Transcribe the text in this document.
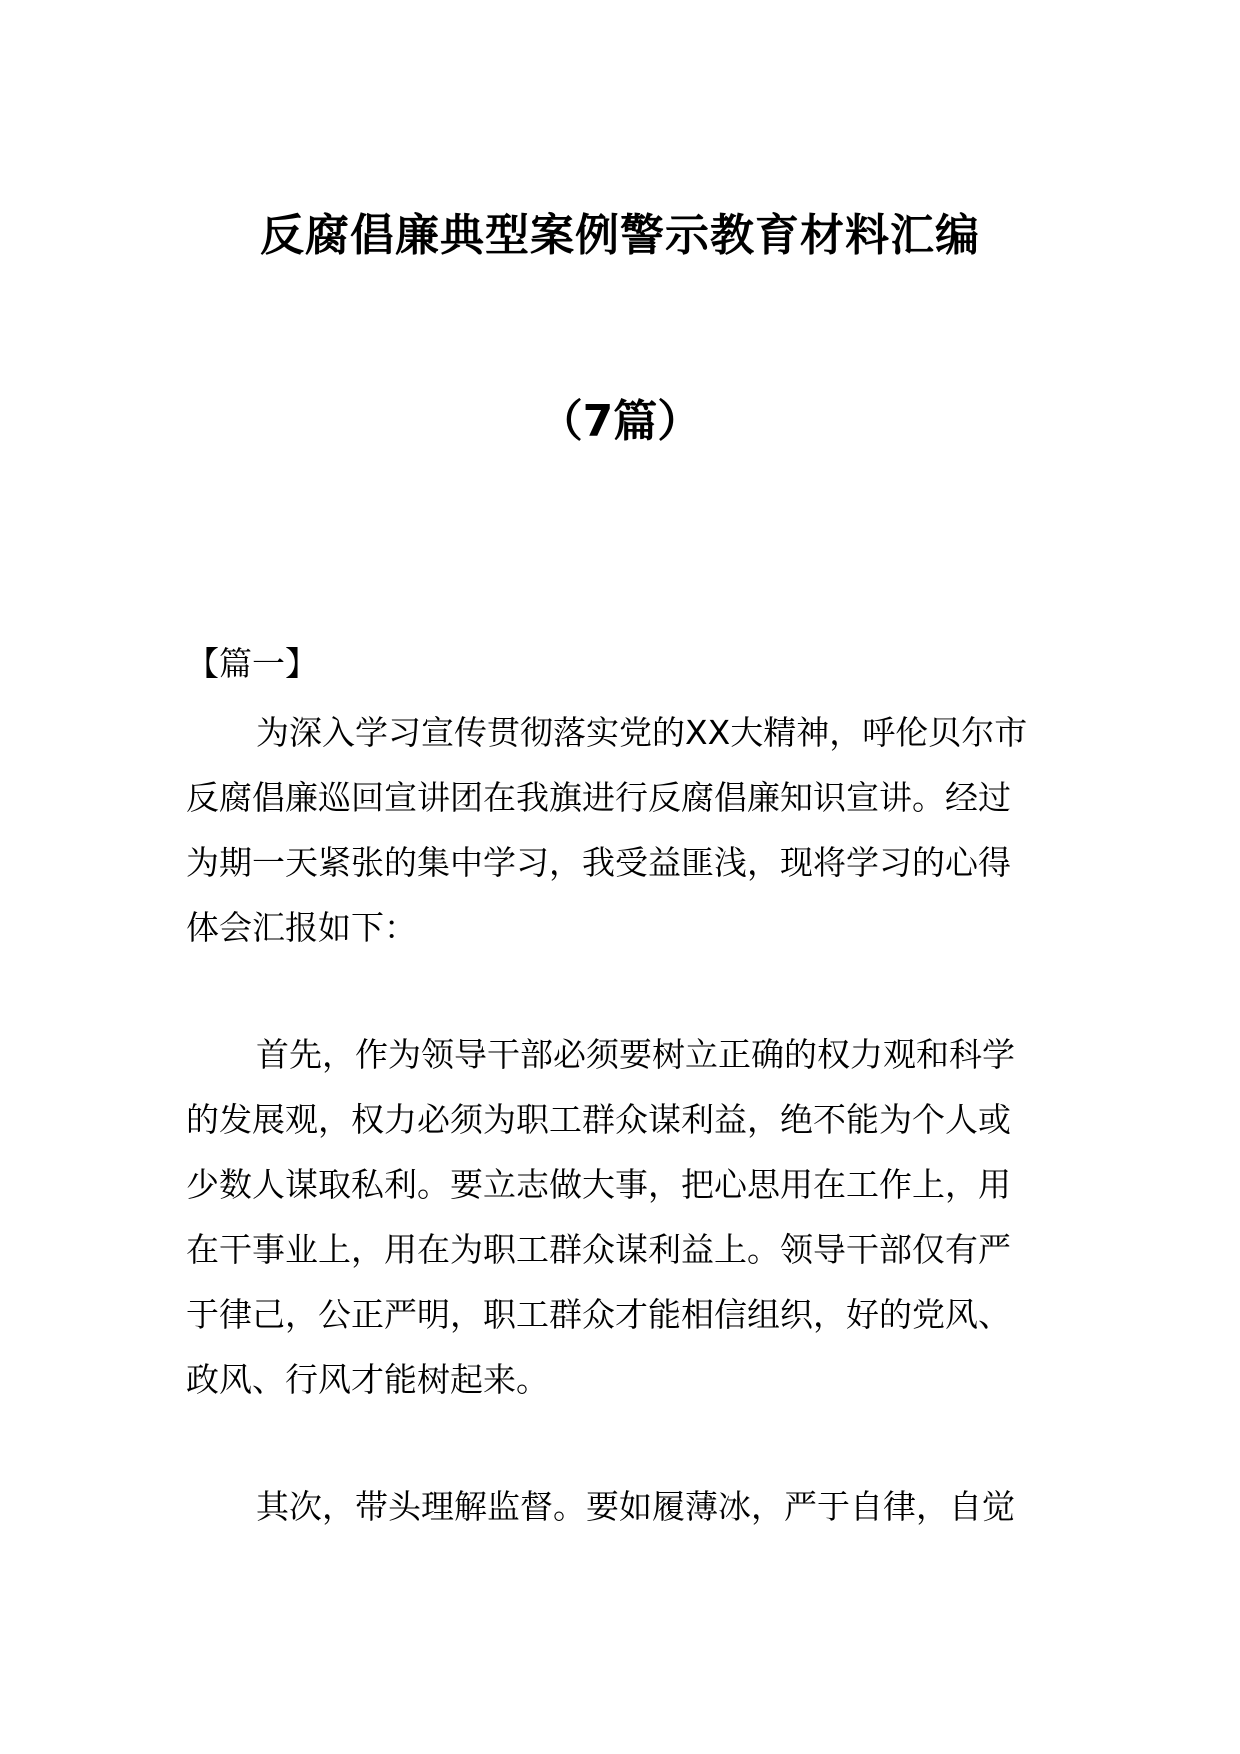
反腐倡廉典型案例警示教育材料汇编
（7篇）

【篇一】

为深入学习宣传贯彻落实党的XX大精神，呼伦贝尔市
反腐倡廉巡回宣讲团在我旗进行反腐倡廉知识宣讲。经过
为期一天紧张的集中学习，我受益匪浅，现将学习的心得
体会汇报如下：

首先，作为领导干部必须要树立正确的权力观和科学
的发展观，权力必须为职工群众谋利益，绝不能为个人或
少数人谋取私利。要立志做大事，把心思用在工作上，用
在干事业上，用在为职工群众谋利益上。领导干部仅有严
于律己，公正严明，职工群众才能相信组织，好的党风、
政风、行风才能树起来。

其次，带头理解监督。要如履薄冰，严于自律，自觉
